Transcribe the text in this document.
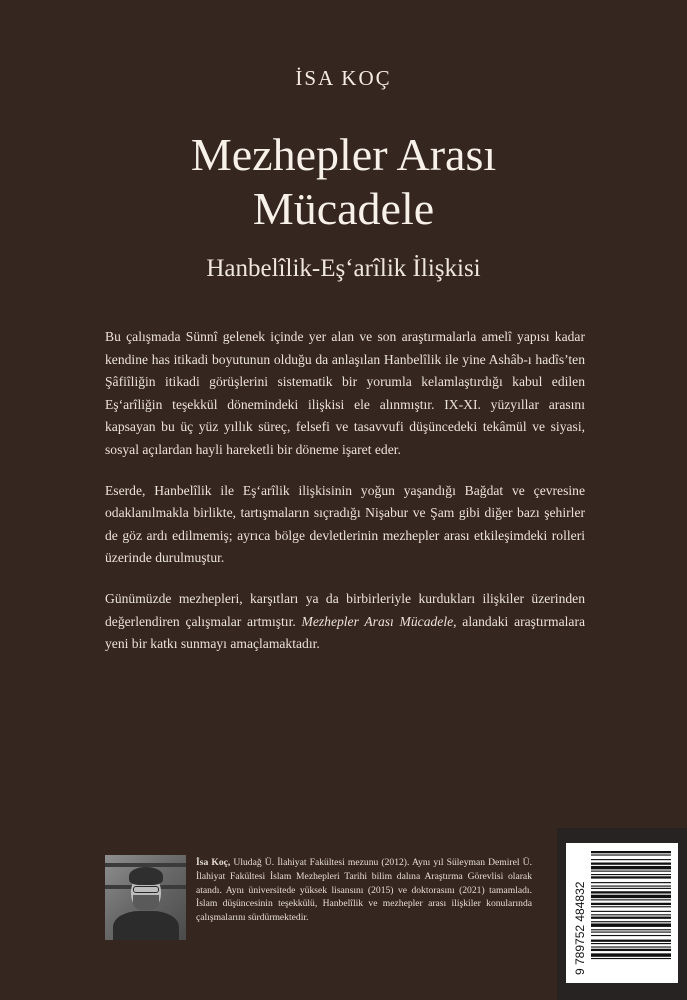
İSA KOÇ
Mezhepler Arası
Mücadele
Hanbelîlik-Eş‘arîlik İlişkisi

Bu çalışmada Sünnî gelenek içinde yer alan ve son araştırmalarla amelî yapısı kadar kendine has itikadi boyutunun olduğu da anlaşılan Hanbelîlik ile yine Ashâb-ı hadîs’ten Şâfiîliğin itikadi görüşlerini sistematik bir yorumla kelamlaştırdığı kabul edilen Eş‘arîliğin teşekkül dönemindeki ilişkisi ele alınmıştır. IX-XI. yüzyıllar arasını kapsayan bu üç yüz yıllık süreç, felsefi ve tasavvufi düşüncedeki tekâmül ve siyasi, sosyal açılardan hayli hareketli bir döneme işaret eder.

Eserde, Hanbelîlik ile Eş‘arîlik ilişkisinin yoğun yaşandığı Bağdat ve çevresine odaklanılmakla birlikte, tartışmaların sıçradığı Nişabur ve Şam gibi diğer bazı şehirler de göz ardı edilmemiş; ayrıca bölge devletlerinin mezhepler arası etkileşimdeki rolleri üzerinde durulmuştur.

Günümüzde mezhepleri, karşıtları ya da birbirleriyle kurdukları ilişkiler üzerinden değerlendiren çalışmalar artmıştır. Mezhepler Arası Mücadele, alandaki araştırmalara yeni bir katkı sunmayı amaçlamaktadır.

İsa Koç, Uludağ Ü. İlahiyat Fakültesi mezunu (2012). Aynı yıl Süleyman Demirel Ü. İlahiyat Fakültesi İslam Mezhepleri Tarihi bilim dalına Araştırma Görevlisi olarak atandı. Aynı üniversitede yüksek lisansını (2015) ve doktorasını (2021) tamamladı. İslam düşüncesinin teşekkülü, Hanbelîlik ve mezhepler arası ilişkiler konularında çalışmalarını sürdürmektedir.	9 789752 484832
